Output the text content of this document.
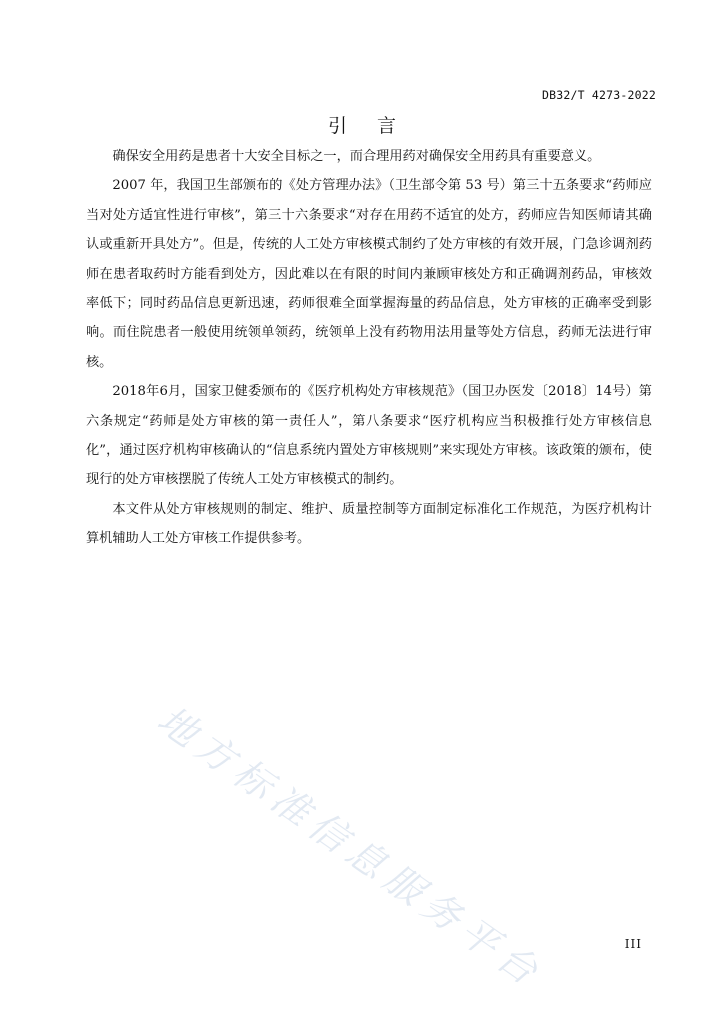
DB32/T 4273-2022
引言

确保安全用药是患者十大安全目标之一，而合理用药对确保安全用药具有重要意义。

2007 年，我国卫生部颁布的《处方管理办法》（卫生部令第 53 号）第三十五条要求“药师应当对处方适宜性进行审核”，第三十六条要求“对存在用药不适宜的处方，药师应告知医师请其确认或重新开具处方”。但是，传统的人工处方审核模式制约了处方审核的有效开展，门急诊调剂药师在患者取药时方能看到处方，因此难以在有限的时间内兼顾审核处方和正确调剂药品，审核效率低下；同时药品信息更新迅速，药师很难全面掌握海量的药品信息，处方审核的正确率受到影响。而住院患者一般使用统领单领药，统领单上没有药物用法用量等处方信息，药师无法进行审核。

2018年6月，国家卫健委颁布的《医疗机构处方审核规范》（国卫办医发〔2018〕14号）第六条规定“药师是处方审核的第一责任人”，第八条要求“医疗机构应当积极推行处方审核信息化”，通过医疗机构审核确认的“信息系统内置处方审核规则”来实现处方审核。该政策的颁布，使现行的处方审核摆脱了传统人工处方审核模式的制约。

本文件从处方审核规则的制定、维护、质量控制等方面制定标准化工作规范，为医疗机构计算机辅助人工处方审核工作提供参考。

地方标准信息服务平台	III
